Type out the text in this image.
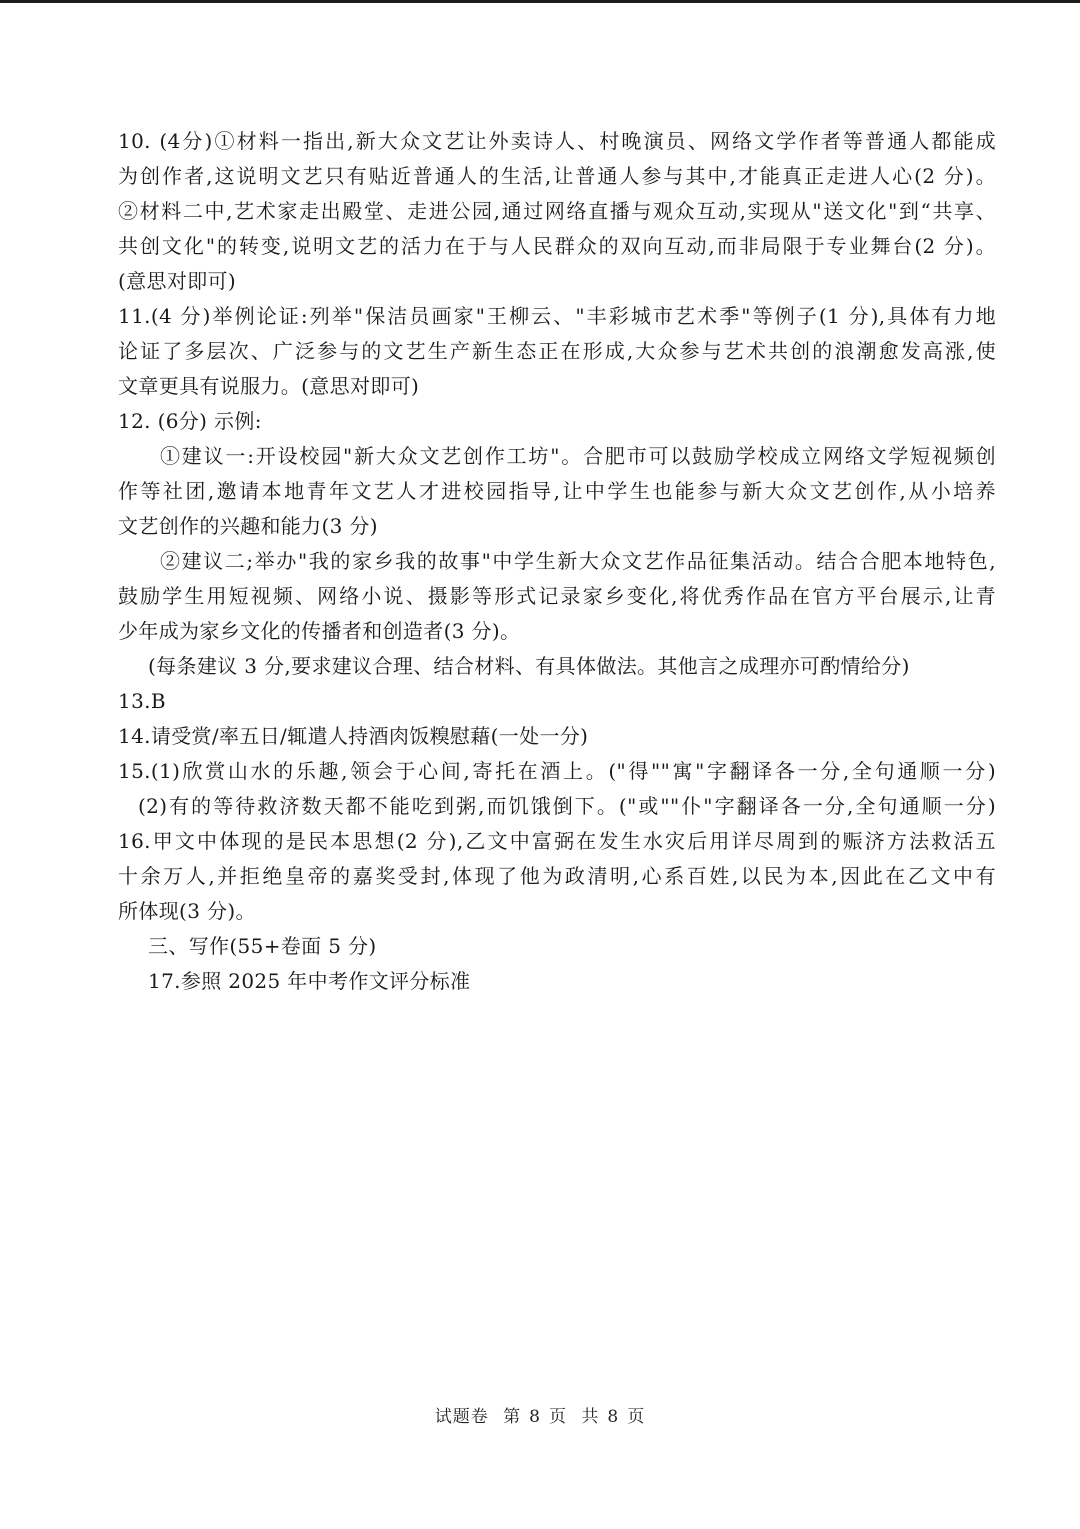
10. (4分)①材料一指出,新大众文艺让外卖诗人、村晚演员、网络文学作者等普通人都能成
为创作者,这说明文艺只有贴近普通人的生活,让普通人参与其中,才能真正走进人心(2 分)。
②材料二中,艺术家走出殿堂、走进公园,通过网络直播与观众互动,实现从"送文化"到“共享、
共创文化"的转变,说明文艺的活力在于与人民群众的双向互动,而非局限于专业舞台(2 分)。
(意思对即可)
11.(4 分)举例论证:列举"保洁员画家"王柳云、"丰彩城市艺术季"等例子(1 分),具体有力地
论证了多层次、广泛参与的文艺生产新生态正在形成,大众参与艺术共创的浪潮愈发高涨,使
文章更具有说服力。(意思对即可)
12. (6分) 示例:
①建议一:开设校园"新大众文艺创作工坊"。合肥市可以鼓励学校成立网络文学短视频创
作等社团,邀请本地青年文艺人才进校园指导,让中学生也能参与新大众文艺创作,从小培养
文艺创作的兴趣和能力(3 分)
②建议二;举办"我的家乡我的故事"中学生新大众文艺作品征集活动。结合合肥本地特色,
鼓励学生用短视频、网络小说、摄影等形式记录家乡变化,将优秀作品在官方平台展示,让青
少年成为家乡文化的传播者和创造者(3 分)。
(每条建议 3 分,要求建议合理、结合材料、有具体做法。其他言之成理亦可酌情给分)
13.B
14.请受赏/率五日/辄遣人持酒肉饭糗慰藉(一处一分)
15.(1)欣赏山水的乐趣,领会于心间,寄托在酒上。("得""寓"字翻译各一分,全句通顺一分)
(2)有的等待救济数天都不能吃到粥,而饥饿倒下。("或""仆"字翻译各一分,全句通顺一分)
16.甲文中体现的是民本思想(2 分),乙文中富弼在发生水灾后用详尽周到的赈济方法救活五
十余万人,并拒绝皇帝的嘉奖受封,体现了他为政清明,心系百姓,以民为本,因此在乙文中有
所体现(3 分)。
三、写作(55+卷面 5 分)
17.参照 2025 年中考作文评分标准
试题卷 第 8 页 共 8 页
